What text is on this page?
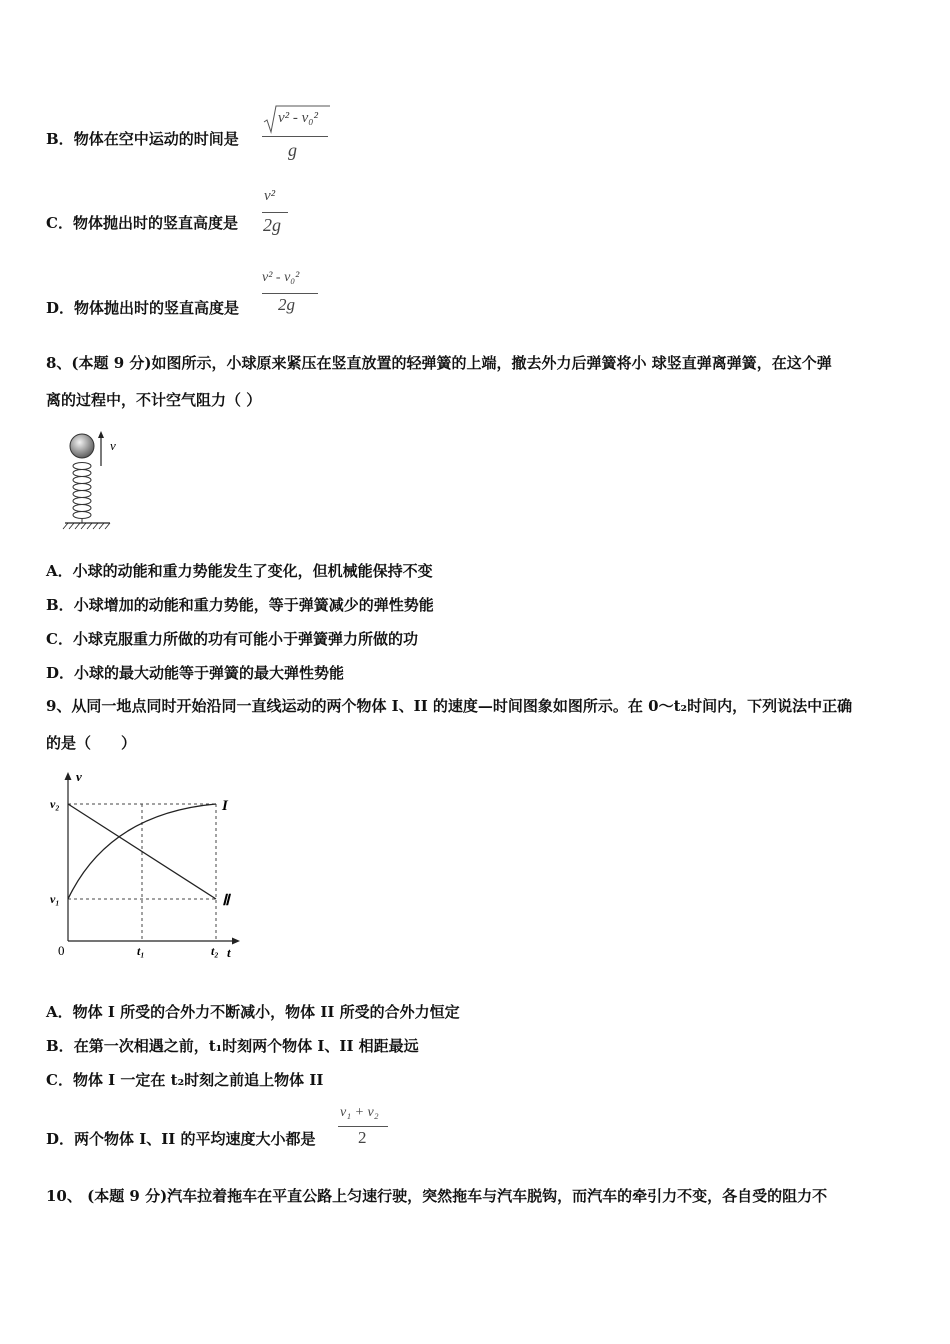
B．物体在空中运动的时间是
v² - v₀²
g
C．物体抛出时的竖直高度是
v²
2g
D．物体抛出时的竖直高度是
v² - v₀²
2g
8、(本题 9 分)如图所示，小球原来紧压在竖直放置的轻弹簧的上端，撤去外力后弹簧将小 球竖直弹离弹簧，在这个弹
离的过程中，不计空气阻力（ ）
v
A．小球的动能和重力势能发生了变化，但机械能保持不变
B．小球增加的动能和重力势能，等于弹簧减少的弹性势能
C．小球克服重力所做的功有可能小于弹簧弹力所做的功
D．小球的最大动能等于弹簧的最大弹性势能
9、从同一地点同时开始沿同一直线运动的两个物体 I、II 的速度—时间图象如图所示。在 0～t₂时间内，下列说法中正确
的是（　　）
v
t
0
I
Ⅱ
v₂
v₁
t₁	t₂
A．物体 I 所受的合外力不断减小，物体 II 所受的合外力恒定
B．在第一次相遇之前，t₁时刻两个物体 I、II 相距最远
C．物体 I 一定在 t₂时刻之前追上物体 II
D．两个物体 I、II 的平均速度大小都是
v₁ + v₂
2
10、 (本题 9 分)汽车拉着拖车在平直公路上匀速行驶，突然拖车与汽车脱钩，而汽车的牵引力不变，各自受的阻力不
